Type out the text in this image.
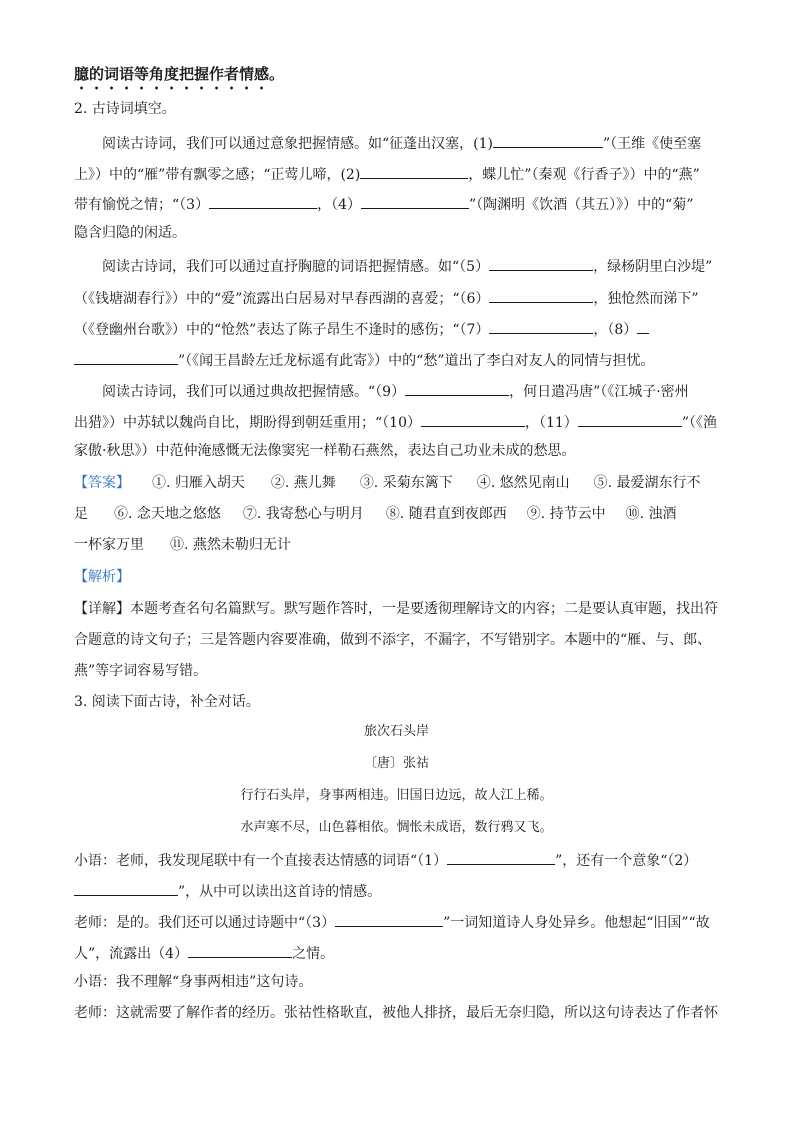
臆的词语等角度把握作者情感。
2. 古诗词填空。
阅读古诗词，我们可以通过意象把握情感。如“征蓬出汉塞，(1)	”（王维《使至塞
上》）中的“雁”带有飘零之感；“正莺儿啼，(2)	，蝶儿忙”（秦观《行香子》）中的“燕”
带有愉悦之情；“（3）	，（4）	”（陶渊明《饮酒（其五）》）中的“菊”
隐含归隐的闲适。
阅读古诗词，我们可以通过直抒胸臆的词语把握情感。如“（5）	，绿杨阴里白沙堤”
（《钱塘湖春行》）中的“爱”流露出白居易对早春西湖的喜爱；“（6）	，独怆然而涕下”
（《登幽州台歌》）中的“怆然”表达了陈子昂生不逢时的感伤；“（7）	，（8）
”（《闻王昌龄左迁龙标遥有此寄》）中的“愁”道出了李白对友人的同情与担忧。
阅读古诗词，我们可以通过典故把握情感。“（9）	，何日遣冯唐”（《江城子·密州
出猎》）中苏轼以魏尚自比，期盼得到朝廷重用；“（10）	，（11）	”（《渔
家傲·秋思》）中范仲淹感慨无法像窦宪一样勒石燕然，表达自己功业未成的愁思。
【答案】 ①. 归雁入胡天 ②. 燕儿舞 ③. 采菊东篱下 ④. 悠然见南山 ⑤. 最爱湖东行不
足 ⑥. 念天地之悠悠 ⑦. 我寄愁心与明月 ⑧. 随君直到夜郎西 ⑨. 持节云中 ⑩. 浊酒
一杯家万里 ⑪. 燕然未勒归无计
【解析】
【详解】本题考查名句名篇默写。默写题作答时，一是要透彻理解诗文的内容；二是要认真审题，找出符
合题意的诗文句子；三是答题内容要准确，做到不添字，不漏字，不写错别字。本题中的“雁、与、郎、
燕”等字词容易写错。
3. 阅读下面古诗，补全对话。
旅次石头岸
〔唐〕张祜
行行石头岸，身事两相违。旧国日边远，故人江上稀。
水声寒不尽，山色暮相依。惆怅未成语，数行鸦又飞。
小语：老师，我发现尾联中有一个直接表达情感的词语“（1）	”，还有一个意象“（2）
”，从中可以读出这首诗的情感。
老师：是的。我们还可以通过诗题中“（3）	”一词知道诗人身处异乡。他想起“旧国”“故
人”，流露出（4）	之情。
小语：我不理解“身事两相违”这句诗。
老师：这就需要了解作者的经历。张祜性格耿直，被他人排挤，最后无奈归隐，所以这句诗表达了作者怀
